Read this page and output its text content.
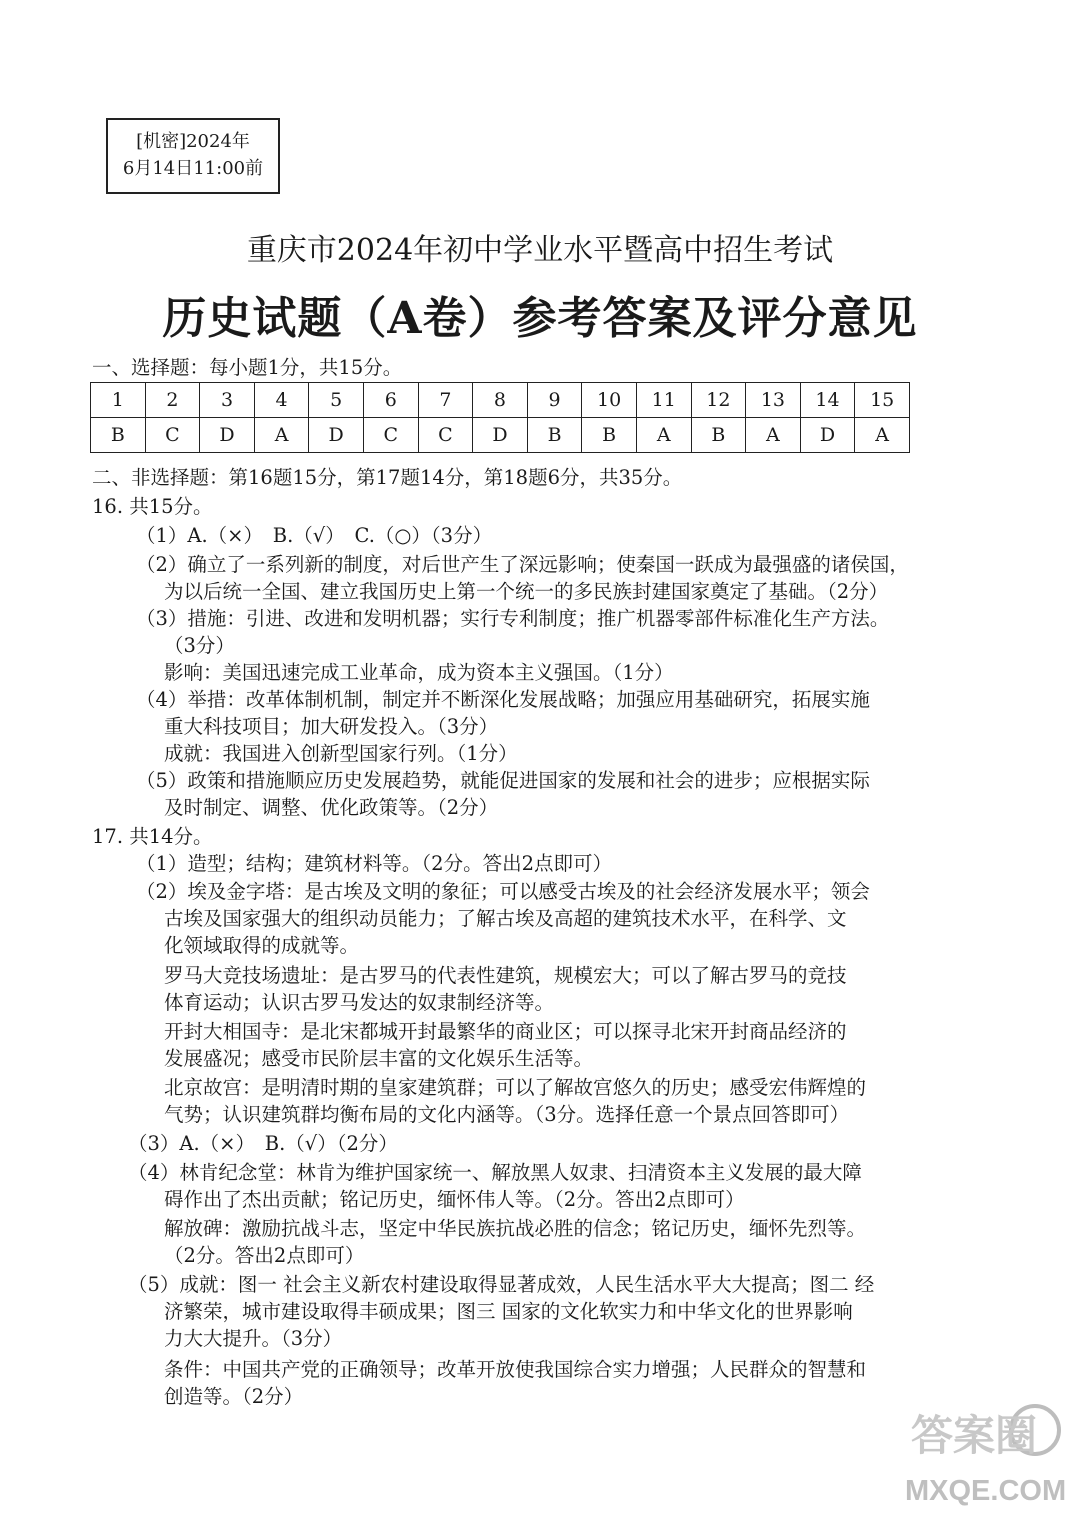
[机密]2024年
6月14日11:00前
重庆市2024年初中学业水平暨高中招生考试
历史试题（A卷）参考答案及评分意见
一、选择题：每小题1分，共15分。
1	2	3	4	5	6	7	8	9	10	11	12	13	14	15
B	C	D	A	D	C	C	D	B	B	A	B	A	D	A
二、非选择题：第16题15分，第17题14分，第18题6分，共35分。
16. 共15分。
（1）A.（×）　B.（√）　C.（○）（3分）
（2）确立了一系列新的制度，对后世产生了深远影响；使秦国一跃成为最强盛的诸侯国，
为以后统一全国、建立我国历史上第一个统一的多民族封建国家奠定了基础。（2分）
（3）措施：引进、改进和发明机器；实行专利制度；推广机器零部件标准化生产方法。
（3分）
影响：美国迅速完成工业革命，成为资本主义强国。（1分）
（4）举措：改革体制机制，制定并不断深化发展战略；加强应用基础研究，拓展实施
重大科技项目；加大研发投入。（3分）
成就：我国进入创新型国家行列。（1分）
（5）政策和措施顺应历史发展趋势，就能促进国家的发展和社会的进步；应根据实际
及时制定、调整、优化政策等。（2分）
17. 共14分。
（1）造型；结构；建筑材料等。（2分。答出2点即可）
（2）埃及金字塔：是古埃及文明的象征；可以感受古埃及的社会经济发展水平；领会
古埃及国家强大的组织动员能力；了解古埃及高超的建筑技术水平，在科学、文
化领域取得的成就等。
罗马大竞技场遗址：是古罗马的代表性建筑，规模宏大；可以了解古罗马的竞技
体育运动；认识古罗马发达的奴隶制经济等。
开封大相国寺：是北宋都城开封最繁华的商业区；可以探寻北宋开封商品经济的
发展盛况；感受市民阶层丰富的文化娱乐生活等。
北京故宫：是明清时期的皇家建筑群；可以了解故宫悠久的历史；感受宏伟辉煌的
气势；认识建筑群均衡布局的文化内涵等。（3分。选择任意一个景点回答即可）
（3）A.（×）　B.（√）（2分）
（4）林肯纪念堂：林肯为维护国家统一、解放黑人奴隶、扫清资本主义发展的最大障
碍作出了杰出贡献；铭记历史，缅怀伟人等。（2分。答出2点即可）
解放碑：激励抗战斗志，坚定中华民族抗战必胜的信念；铭记历史，缅怀先烈等。
（2分。答出2点即可）
（5）成就：图一 社会主义新农村建设取得显著成效，人民生活水平大大提高；图二 经
济繁荣，城市建设取得丰硕成果；图三 国家的文化软实力和中华文化的世界影响
力大大提升。（3分）
条件：中国共产党的正确领导；改革开放使我国综合实力增强；人民群众的智慧和
创造等。（2分）
答案圈
MXQE.COM
